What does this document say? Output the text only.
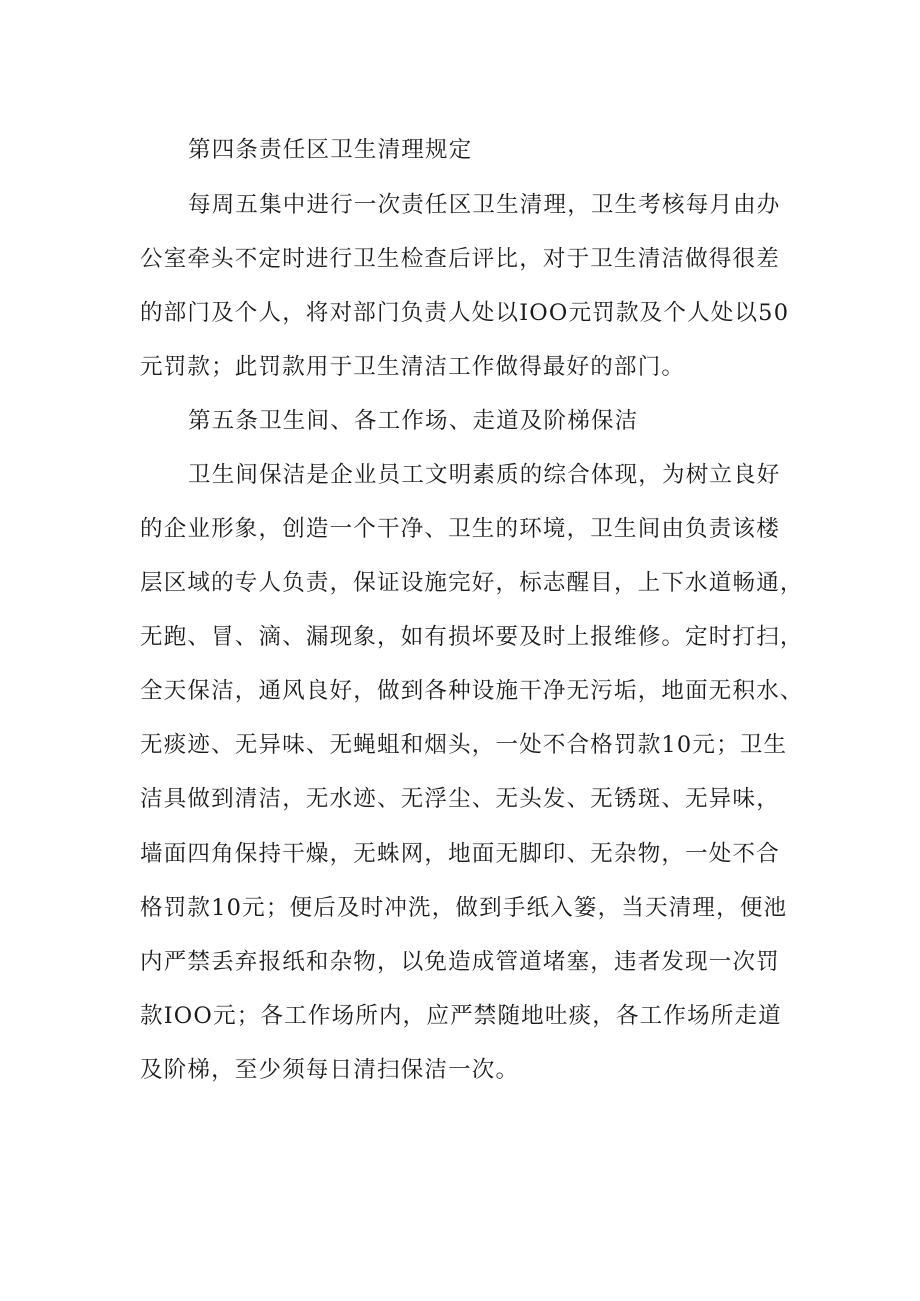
第四条责任区卫生清理规定
每周五集中进行一次责任区卫生清理，卫生考核每月由办
公室牵头不定时进行卫生检查后评比，对于卫生清洁做得很差
的部门及个人，将对部门负责人处以IOO元罚款及个人处以50
元罚款；此罚款用于卫生清洁工作做得最好的部门。
第五条卫生间、各工作场、走道及阶梯保洁
卫生间保洁是企业员工文明素质的综合体现，为树立良好
的企业形象，创造一个干净、卫生的环境，卫生间由负责该楼
层区域的专人负责，保证设施完好，标志醒目，上下水道畅通，
无跑、冒、滴、漏现象，如有损坏要及时上报维修。定时打扫，
全天保洁，通风良好，做到各种设施干净无污垢，地面无积水、
无痰迹、无异味、无蝇蛆和烟头，一处不合格罚款10元；卫生
洁具做到清洁，无水迹、无浮尘、无头发、无锈斑、无异味，
墙面四角保持干燥，无蛛网，地面无脚印、无杂物，一处不合
格罚款10元；便后及时冲洗，做到手纸入篓，当天清理，便池
内严禁丢弃报纸和杂物，以免造成管道堵塞，违者发现一次罚
款IOO元；各工作场所内，应严禁随地吐痰，各工作场所走道
及阶梯，至少须每日清扫保洁一次。
